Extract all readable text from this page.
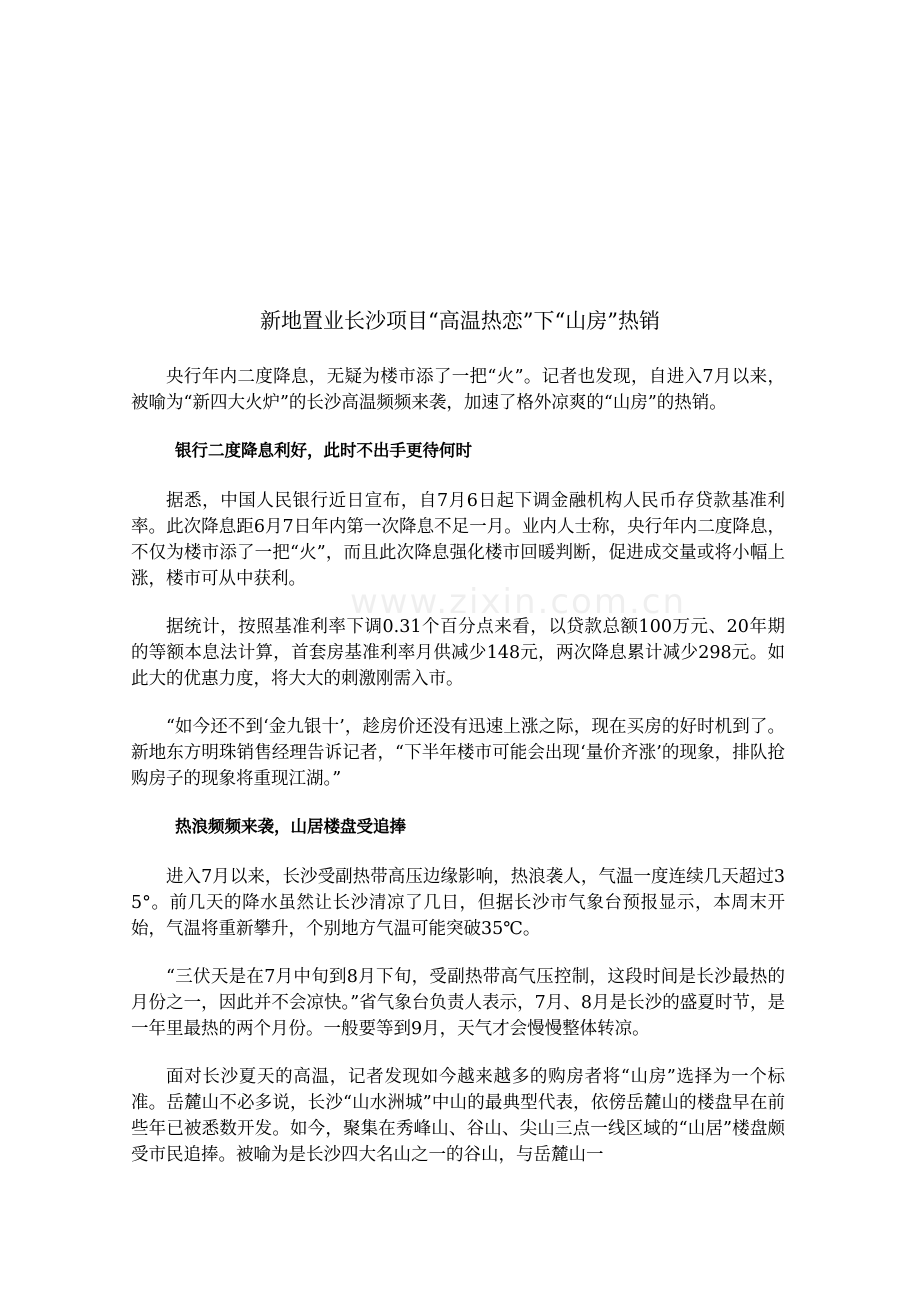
www.zixin.com.cn
新地置业长沙项目“高温热恋”下“山房”热销

央行年内二度降息，无疑为楼市添了一把“火”。记者也发现，自进入7月以来，被喻为“新四大火炉”的长沙高温频频来袭，加速了格外凉爽的“山房”的热销。

银行二度降息利好，此时不出手更待何时

据悉，中国人民银行近日宣布，自7月6日起下调金融机构人民币存贷款基准利率。此次降息距6月7日年内第一次降息不足一月。业内人士称，央行年内二度降息，不仅为楼市添了一把“火”，而且此次降息强化楼市回暖判断，促进成交量或将小幅上涨，楼市可从中获利。

据统计，按照基准利率下调0.31个百分点来看，以贷款总额100万元、20年期的等额本息法计算，首套房基准利率月供减少148元，两次降息累计减少298元。如此大的优惠力度，将大大的刺激刚需入市。

“如今还不到‘金九银十’，趁房价还没有迅速上涨之际，现在买房的好时机到了。新地东方明珠销售经理告诉记者，“下半年楼市可能会出现‘量价齐涨’的现象，排队抢购房子的现象将重现江湖。”

热浪频频来袭，山居楼盘受追捧

进入7月以来，长沙受副热带高压边缘影响，热浪袭人，气温一度连续几天超过35°。前几天的降水虽然让长沙清凉了几日，但据长沙市气象台预报显示，本周末开始，气温将重新攀升，个别地方气温可能突破35℃。

“三伏天是在7月中旬到8月下旬，受副热带高气压控制，这段时间是长沙最热的月份之一，因此并不会凉快。”省气象台负责人表示，7月、8月是长沙的盛夏时节，是一年里最热的两个月份。一般要等到9月，天气才会慢慢整体转凉。

面对长沙夏天的高温，记者发现如今越来越多的购房者将“山房”选择为一个标准。岳麓山不必多说，长沙“山水洲城”中山的最典型代表，依傍岳麓山的楼盘早在前些年已被悉数开发。如今，聚集在秀峰山、谷山、尖山三点一线区域的“山居”楼盘颇受市民追捧。被喻为是长沙四大名山之一的谷山，与岳麓山一
